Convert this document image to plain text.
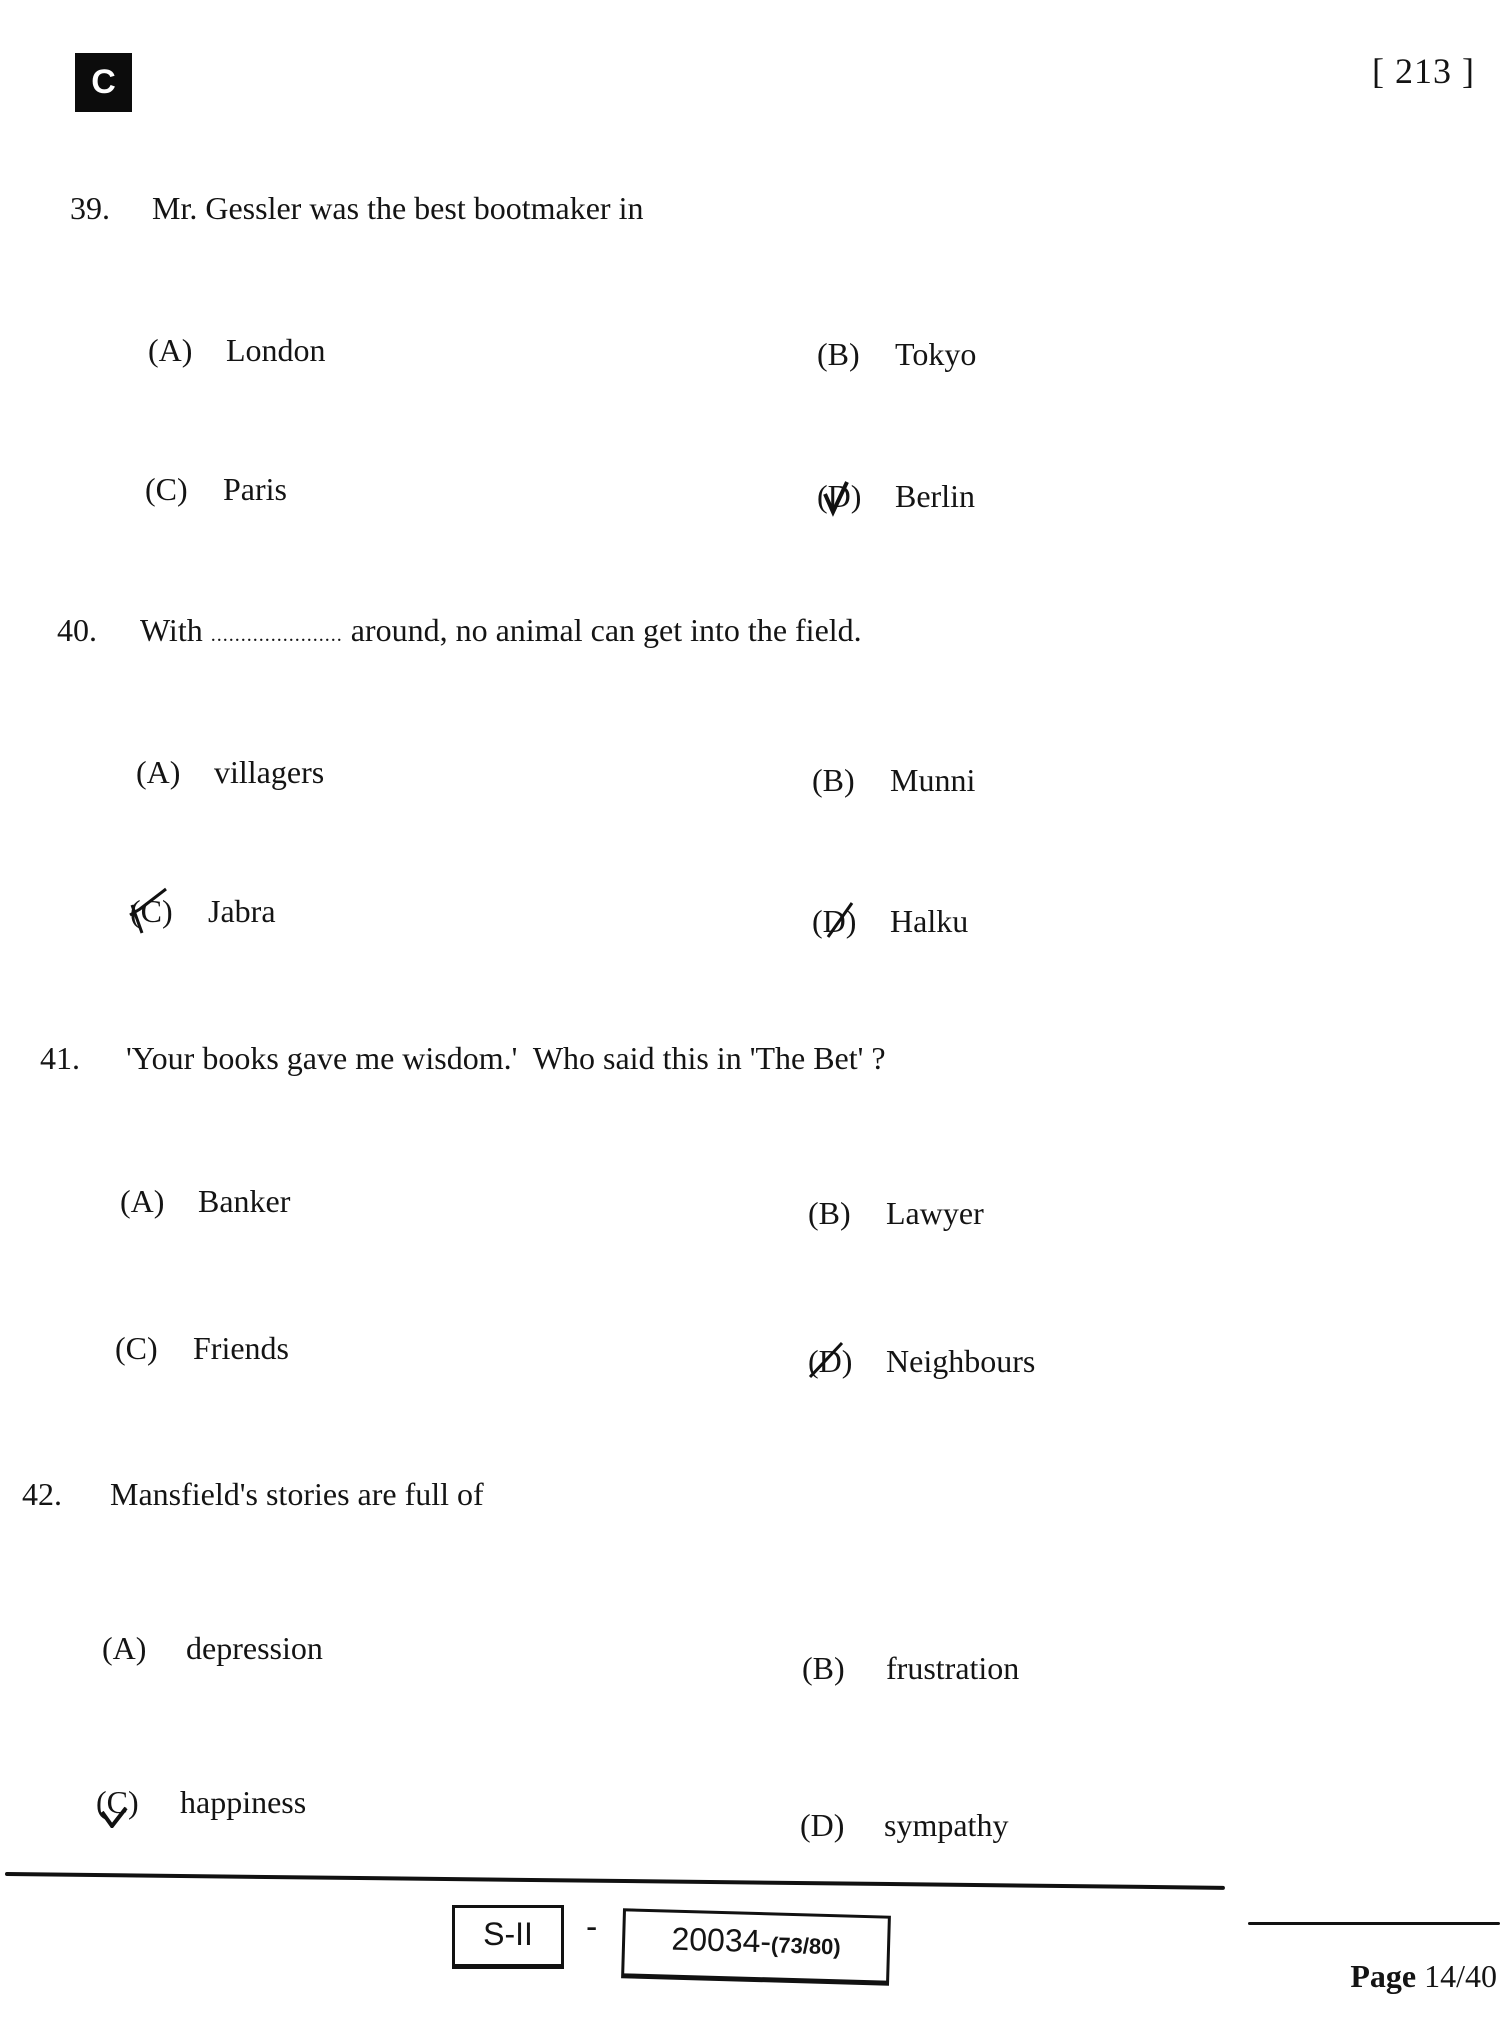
C	[ 213 ]
39. Mr. Gessler was the best bootmaker in
(A) London	(B) Tokyo
(C) Paris	(D) Berlin
40. With ...................... around, no animal can get into the field.
(A) villagers	(B) Munni
(C) Jabra	(D) Halku
41. 'Your books gave me wisdom.'  Who said this in 'The Bet' ?
(A) Banker	(B) Lawyer
(C) Friends	(D) Neighbours
42. Mansfield's stories are full of
(A) depression
(B) frustration
(C) happiness
(D) sympathy
S-II	-	20034-(73/80)
Page 14/40
